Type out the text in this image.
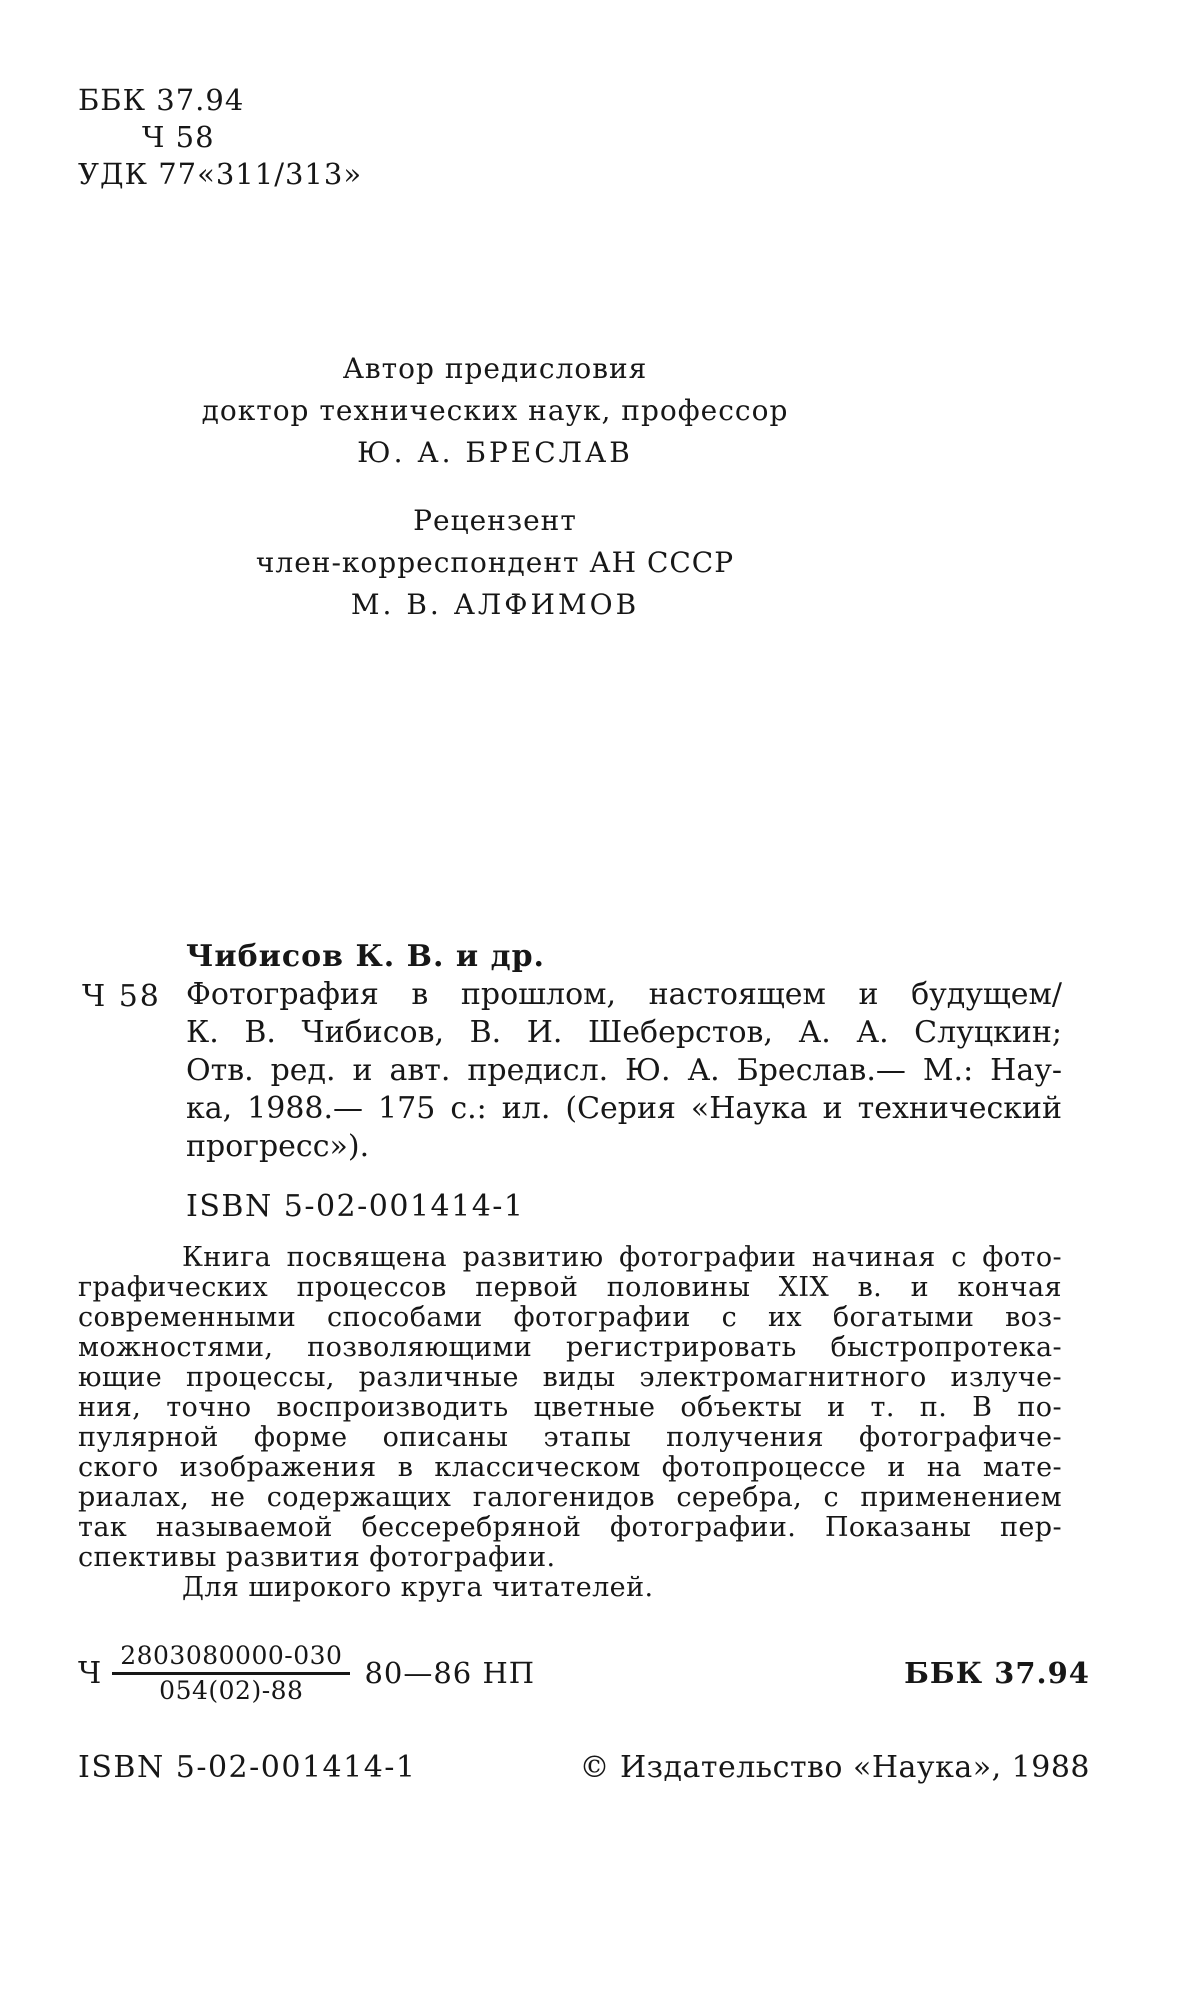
ББК 37.94
Ч 58
УДК 77«311/313»
Автор предисловия
доктор технических наук, профессор
Ю. А. БРЕСЛАВ
Рецензент
член-корреспондент АН СССР
М. В. АЛФИМОВ
Чибисов К. В. и др.
Ч 58 Фотография в прошлом, настоящем и будущем/
К. В. Чибисов, В. И. Шеберстов, А. А. Слуцкин;
Отв. ред. и авт. предисл. Ю. А. Бреслав.— М.: Нау-
ка, 1988.— 175 с.: ил. (Серия «Наука и технический
прогресс»).
ISBN 5-02-001414-1
Книга посвящена развитию фотографии начиная с фото-
графических процессов первой половины XIX в. и кончая
современными способами фотографии с их богатыми воз-
можностями, позволяющими регистрировать быстропротека-
ющие процессы, различные виды электромагнитного излуче-
ния, точно воспроизводить цветные объекты и т. п. В по-
пулярной форме описаны этапы получения фотографиче-
ского изображения в классическом фотопроцессе и на мате-
риалах, не содержащих галогенидов серебра, с применением
так называемой бессеребряной фотографии. Показаны пер-
спективы развития фотографии.
Для широкого круга читателей.
Ч $\frac{2803080000-030}{054(02)-88}$ 80—86 НП	ББК 37.94
ISBN 5-02-001414-1	© Издательство «Наука», 1988
